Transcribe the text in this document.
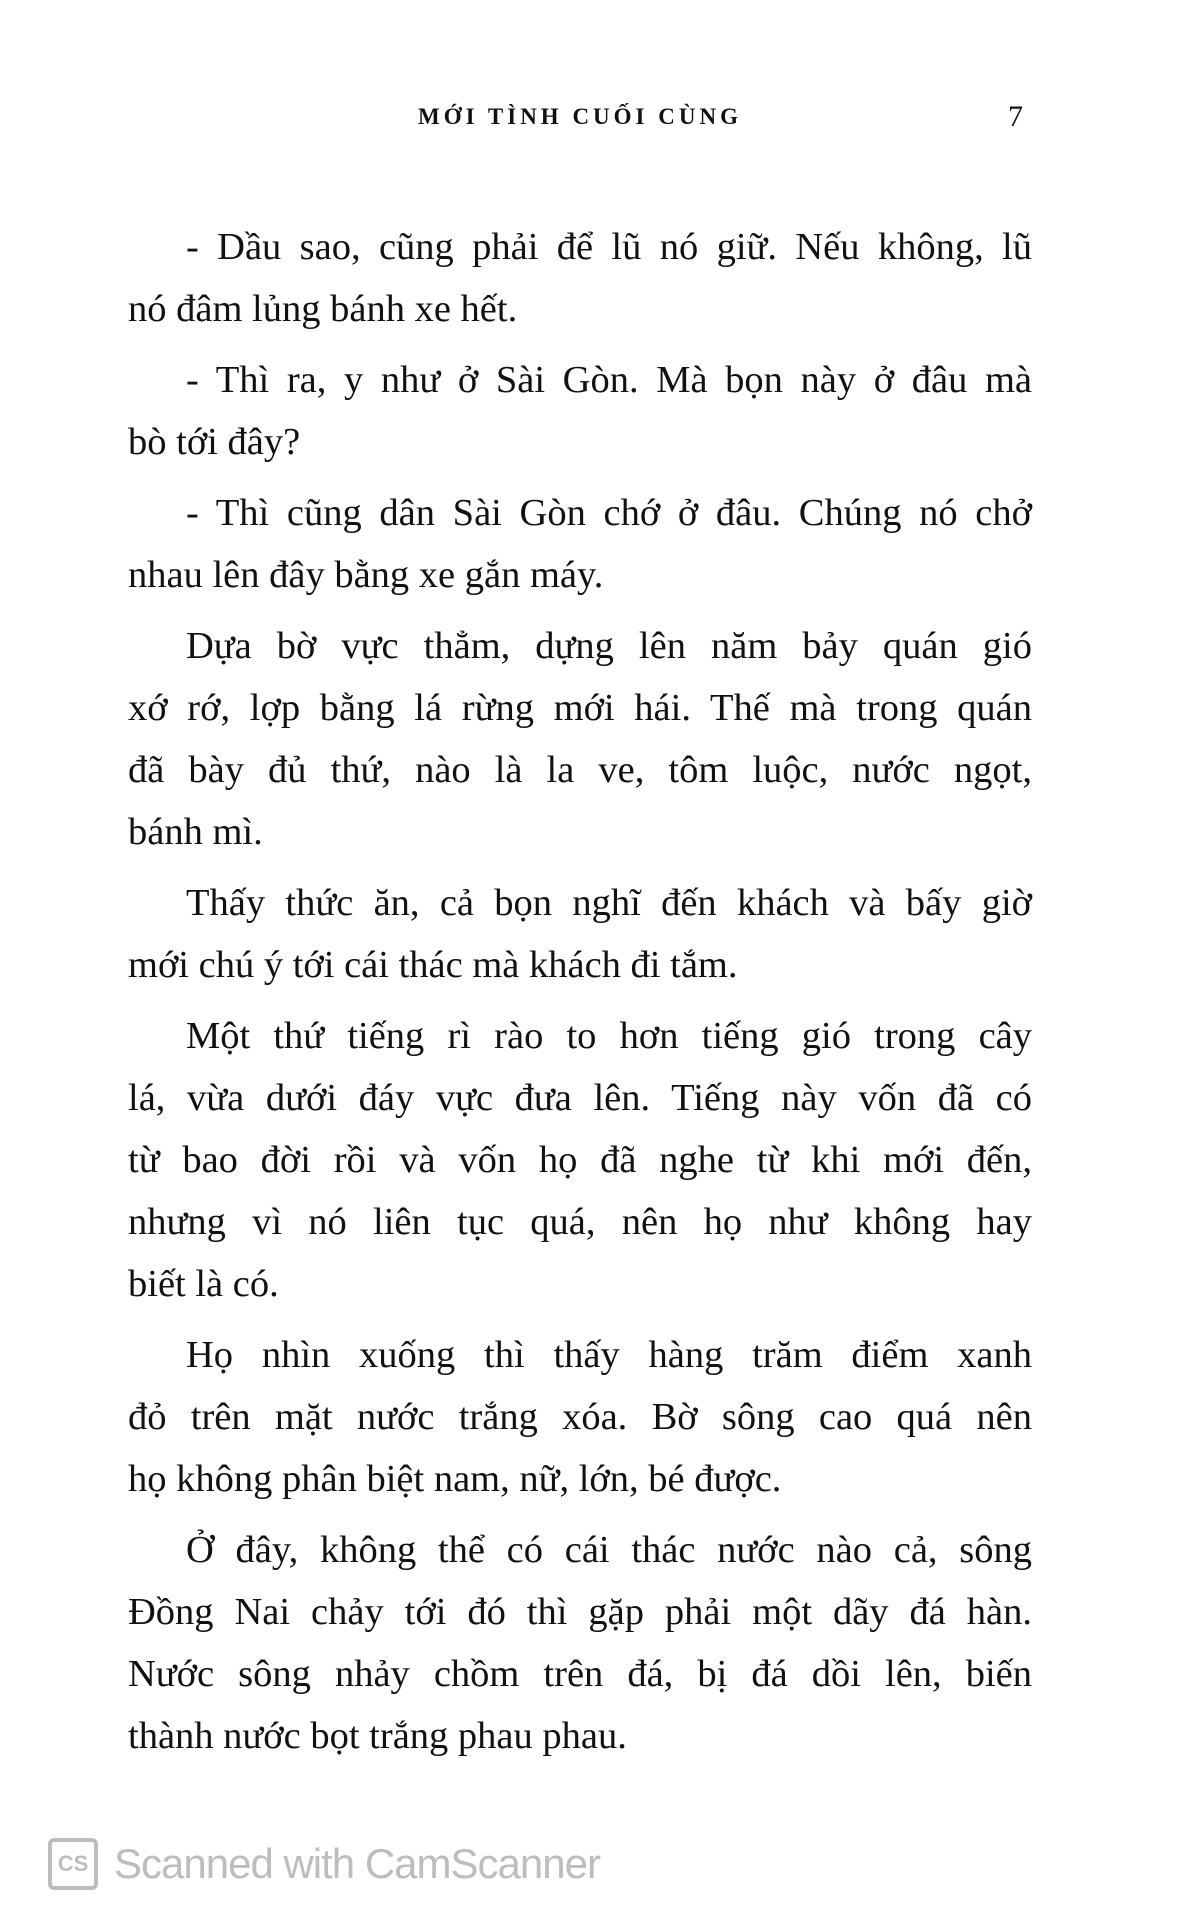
MỚI TÌNH CUỐI CÙNG	7
- Dầu sao, cũng phải để lũ nó giữ. Nếu không, lũ
nó đâm lủng bánh xe hết.
- Thì ra, y như ở Sài Gòn. Mà bọn này ở đâu mà
bò tới đây?
- Thì cũng dân Sài Gòn chớ ở đâu. Chúng nó chở
nhau lên đây bằng xe gắn máy.
Dựa bờ vực thẳm, dựng lên năm bảy quán gió
xớ rớ, lợp bằng lá rừng mới hái. Thế mà trong quán
đã bày đủ thứ, nào là la ve, tôm luộc, nước ngọt,
bánh mì.
Thấy thức ăn, cả bọn nghĩ đến khách và bấy giờ
mới chú ý tới cái thác mà khách đi tắm.
Một thứ tiếng rì rào to hơn tiếng gió trong cây
lá, vừa dưới đáy vực đưa lên. Tiếng này vốn đã có
từ bao đời rồi và vốn họ đã nghe từ khi mới đến,
nhưng vì nó liên tục quá, nên họ như không hay
biết là có.
Họ nhìn xuống thì thấy hàng trăm điểm xanh
đỏ trên mặt nước trắng xóa. Bờ sông cao quá nên
họ không phân biệt nam, nữ, lớn, bé được.
Ở đây, không thể có cái thác nước nào cả, sông
Đồng Nai chảy tới đó thì gặp phải một dãy đá hàn.
Nước sông nhảy chồm trên đá, bị đá dồi lên, biến
thành nước bọt trắng phau phau.
CS Scanned with CamScanner
